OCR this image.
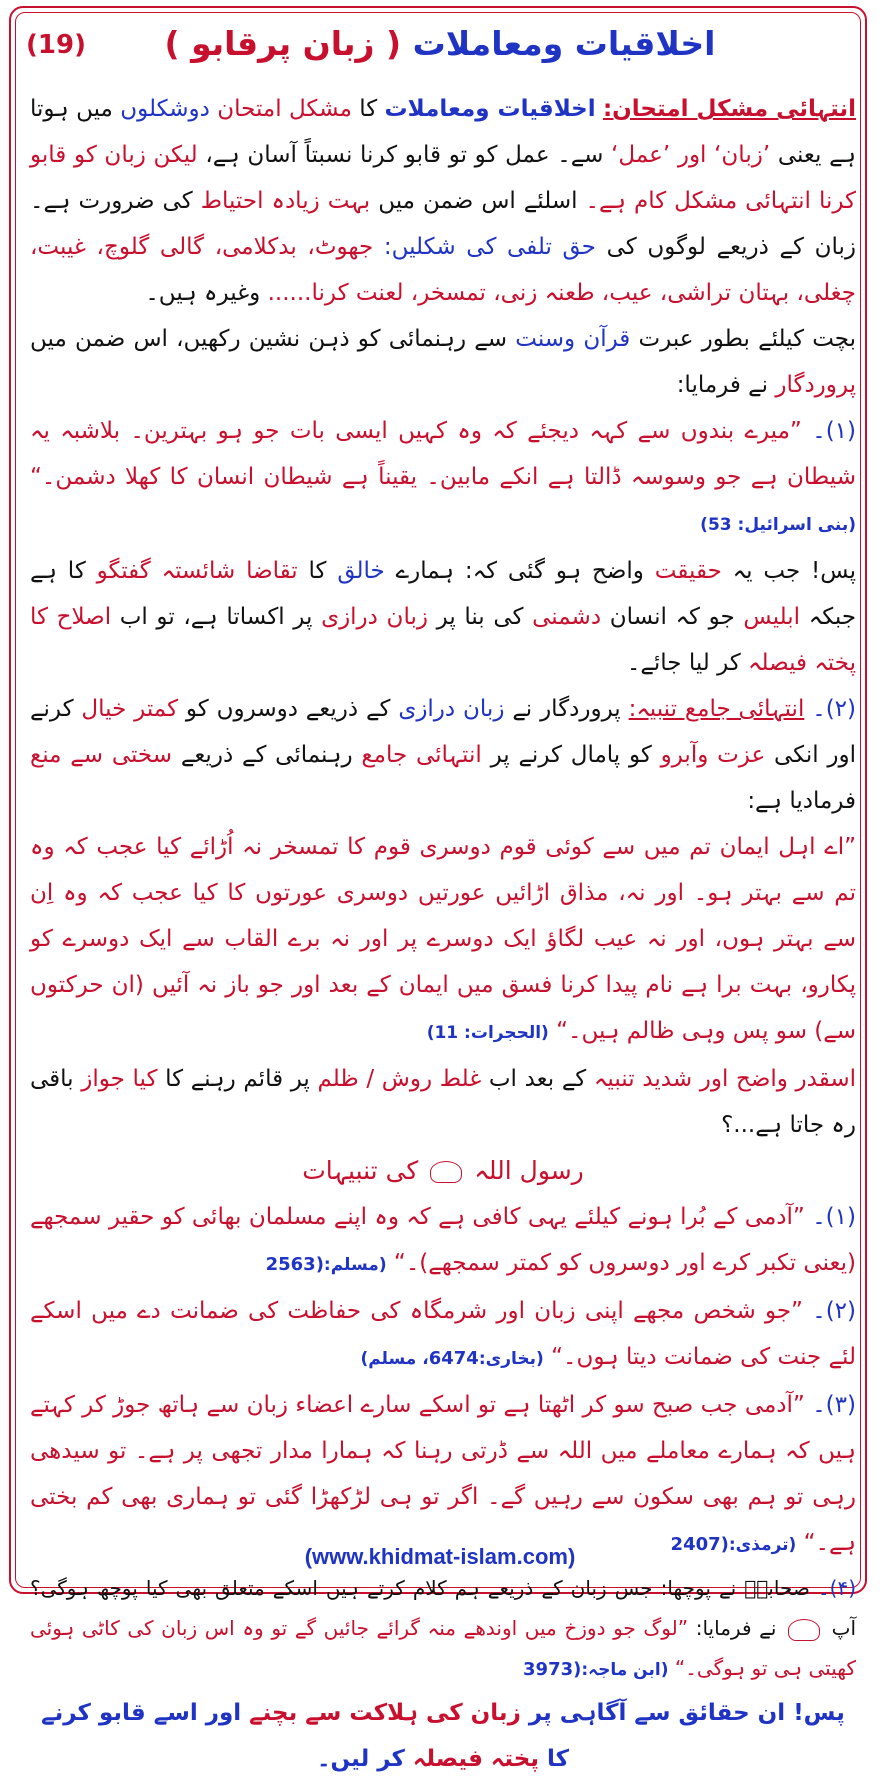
(19)	اخلاقیات ومعاملات ( زبان پرقابو )

انتہائی مشکل امتحان: اخلاقیات ومعاملات کا مشکل امتحان دوشکلوں میں ہوتا ہے یعنی ’زبان‘ اور ’عمل‘ سے۔ عمل کو تو قابو کرنا نسبتاً آسان ہے، لیکن زبان کو قابو کرنا انتہائی مشکل کام ہے۔ اسلئے اس ضمن میں بہت زیادہ احتیاط کی ضرورت ہے۔ زبان کے ذریعے لوگوں کی حق تلفی کی شکلیں: جھوٹ، بدکلامی، گالی گلوچ، غیبت، چغلی، بہتان تراشی، عیب، طعنہ زنی، تمسخر، لعنت کرنا...... وغیرہ ہیں۔

بچت کیلئے بطور عبرت قرآن وسنت سے رہنمائی کو ذہن نشین رکھیں، اس ضمن میں پروردگار نے فرمایا:

(۱)۔ ”میرے بندوں سے کہہ دیجئے کہ وہ کہیں ایسی بات جو ہو بہترین۔ بلاشبہ یہ شیطان ہے جو وسوسہ ڈالتا ہے انکے مابین۔ یقیناً ہے شیطان انسان کا کھلا دشمن۔“ (بنی اسرائیل: 53)

پس! جب یہ حقیقت واضح ہو گئی کہ: ہمارے خالق کا تقاضا شائستہ گفتگو کا ہے جبکہ ابلیس جو کہ انسان دشمنی کی بنا پر زبان درازی پر اکساتا ہے، تو اب اصلاح کا پختہ فیصلہ کر لیا جائے۔

(۲)۔ انتہائی جامع تنبیہ: پروردگار نے زبان درازی کے ذریعے دوسروں کو کمتر خیال کرنے اور انکی عزت وآبرو کو پامال کرنے پر انتہائی جامع رہنمائی کے ذریعے سختی سے منع فرمادیا ہے:

”اے اہل ایمان تم میں سے کوئی قوم دوسری قوم کا تمسخر نہ اُڑائے کیا عجب کہ وہ تم سے بہتر ہو۔ اور نہ، مذاق اڑائیں عورتیں دوسری عورتوں کا کیا عجب کہ وہ اِن سے بہتر ہوں، اور نہ عیب لگاؤ ایک دوسرے پر اور نہ برے القاب سے ایک دوسرے کو پکارو، بہت برا ہے نام پیدا کرنا فسق میں ایمان کے بعد اور جو باز نہ آئیں (ان حرکتوں سے) سو پس وہی ظالم ہیں۔“ (الحجرات: 11)

اسقدر واضح اور شدید تنبیہ کے بعد اب غلط روش / ظلم پر قائم رہنے کا کیا جواز باقی رہ جاتا ہے...؟

رسول اللہ  کی تنبیہات

(۱)۔ ”آدمی کے بُرا ہونے کیلئے یہی کافی ہے کہ وہ اپنے مسلمان بھائی کو حقیر سمجھے (یعنی تکبر کرے اور دوسروں کو کمتر سمجھے)۔“ (مسلم:2563)

(۲)۔ ”جو شخص مجھے اپنی زبان اور شرمگاہ کی حفاظت کی ضمانت دے میں اسکے لئے جنت کی ضمانت دیتا ہوں۔“ (بخاری:6474، مسلم)

(۳)۔ ”آدمی جب صبح سو کر اٹھتا ہے تو اسکے سارے اعضاء زبان سے ہاتھ جوڑ کر کہتے ہیں کہ ہمارے معاملے میں اللہ سے ڈرتی رہنا کہ ہمارا مدار تجھی پر ہے۔ تو سیدھی رہی تو ہم بھی سکون سے رہیں گے۔ اگر تو ہی لڑکھڑا گئی تو ہماری بھی کم بختی ہے۔“ (ترمذی:2407)

(۴)۔ صحابہؓ نے پوچھا: جس زبان کے ذریعے ہم کلام کرتے ہیں اسکے متعلق بھی کیا پوچھ ہوگی؟ آپ  نے فرمایا: ”لوگ جو دوزخ میں اوندھے منہ گرائے جائیں گے تو وہ اس زبان کی کاٹی ہوئی کھیتی ہی تو ہوگی۔“ (ابن ماجہ:3973)

پس! ان حقائق سے آگاہی پر زبان کی ہلاکت سے بچنے اور اسے قابو کرنے کا پختہ فیصلہ کر لیں۔

(www.khidmat-islam.com)
